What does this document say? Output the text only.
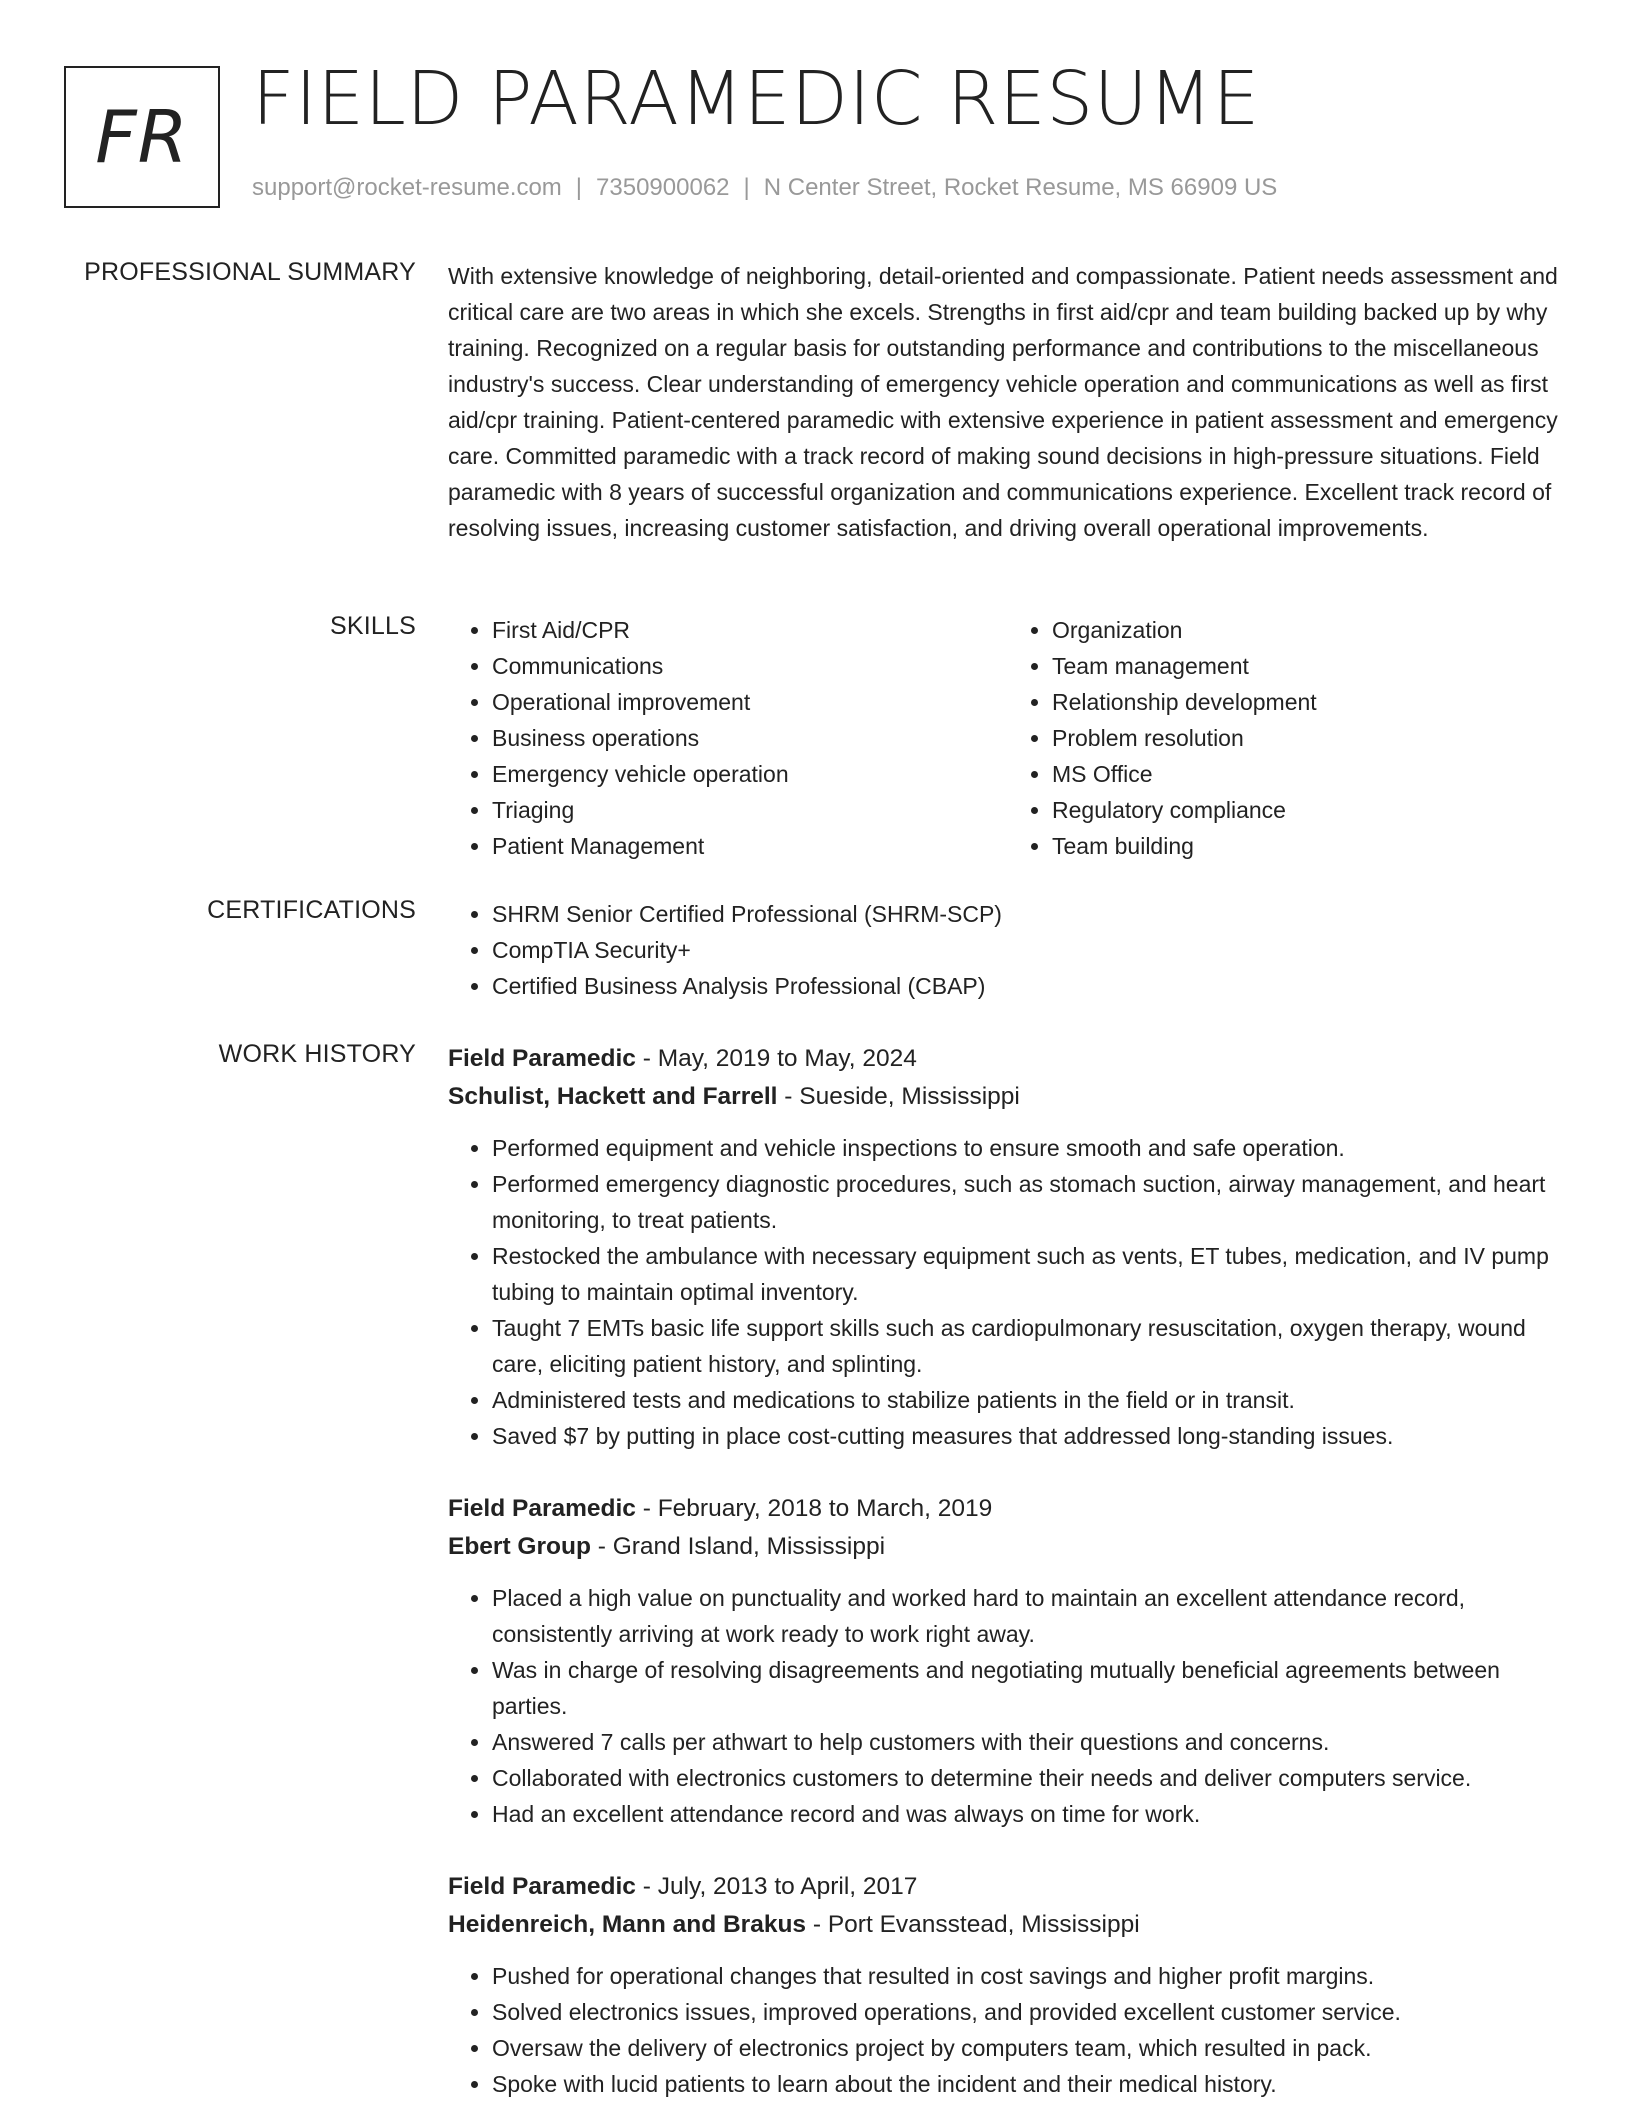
FR FIELD PARAMEDIC RESUME
support@rocket-resume.com | 7350900062 | N Center Street, Rocket Resume, MS 66909 US
PROFESSIONAL SUMMARY With extensive knowledge of neighboring, detail-oriented and compassionate. Patient needs assessment and critical care are two areas in which she excels. Strengths in first aid/cpr and team building backed up by why training. Recognized on a regular basis for outstanding performance and contributions to the miscellaneous industry's success. Clear understanding of emergency vehicle operation and communications as well as first aid/cpr training. Patient-centered paramedic with extensive experience in patient assessment and emergency care. Committed paramedic with a track record of making sound decisions in high-pressure situations. Field paramedic with 8 years of successful organization and communications experience. Excellent track record of resolving issues, increasing customer satisfaction, and driving overall operational improvements.
SKILLS	• First Aid/CPR
• Communications
• Operational improvement
• Business operations
• Emergency vehicle operation
• Triaging
• Patient Management
• Organization
• Team management
• Relationship development
• Problem resolution
• MS Office
• Regulatory compliance
• Team building
CERTIFICATIONS	• SHRM Senior Certified Professional (SHRM-SCP)
• CompTIA Security+
• Certified Business Analysis Professional (CBAP)
WORK HISTORY Field Paramedic - May, 2019 to May, 2024
Schulist, Hackett and Farrell - Sueside, Mississippi
• Performed equipment and vehicle inspections to ensure smooth and safe operation.
• Performed emergency diagnostic procedures, such as stomach suction, airway management, and heart monitoring, to treat patients.
• Restocked the ambulance with necessary equipment such as vents, ET tubes, medication, and IV pump tubing to maintain optimal inventory.
• Taught 7 EMTs basic life support skills such as cardiopulmonary resuscitation, oxygen therapy, wound care, eliciting patient history, and splinting.
• Administered tests and medications to stabilize patients in the field or in transit.
• Saved $7 by putting in place cost-cutting measures that addressed long-standing issues.
Field Paramedic - February, 2018 to March, 2019
Ebert Group - Grand Island, Mississippi
• Placed a high value on punctuality and worked hard to maintain an excellent attendance record, consistently arriving at work ready to work right away.
• Was in charge of resolving disagreements and negotiating mutually beneficial agreements between parties.
• Answered 7 calls per athwart to help customers with their questions and concerns.
• Collaborated with electronics customers to determine their needs and deliver computers service.
• Had an excellent attendance record and was always on time for work.
Field Paramedic - July, 2013 to April, 2017
Heidenreich, Mann and Brakus - Port Evansstead, Mississippi
• Pushed for operational changes that resulted in cost savings and higher profit margins.
• Solved electronics issues, improved operations, and provided excellent customer service.
• Oversaw the delivery of electronics project by computers team, which resulted in pack.
• Spoke with lucid patients to learn about the incident and their medical history.
